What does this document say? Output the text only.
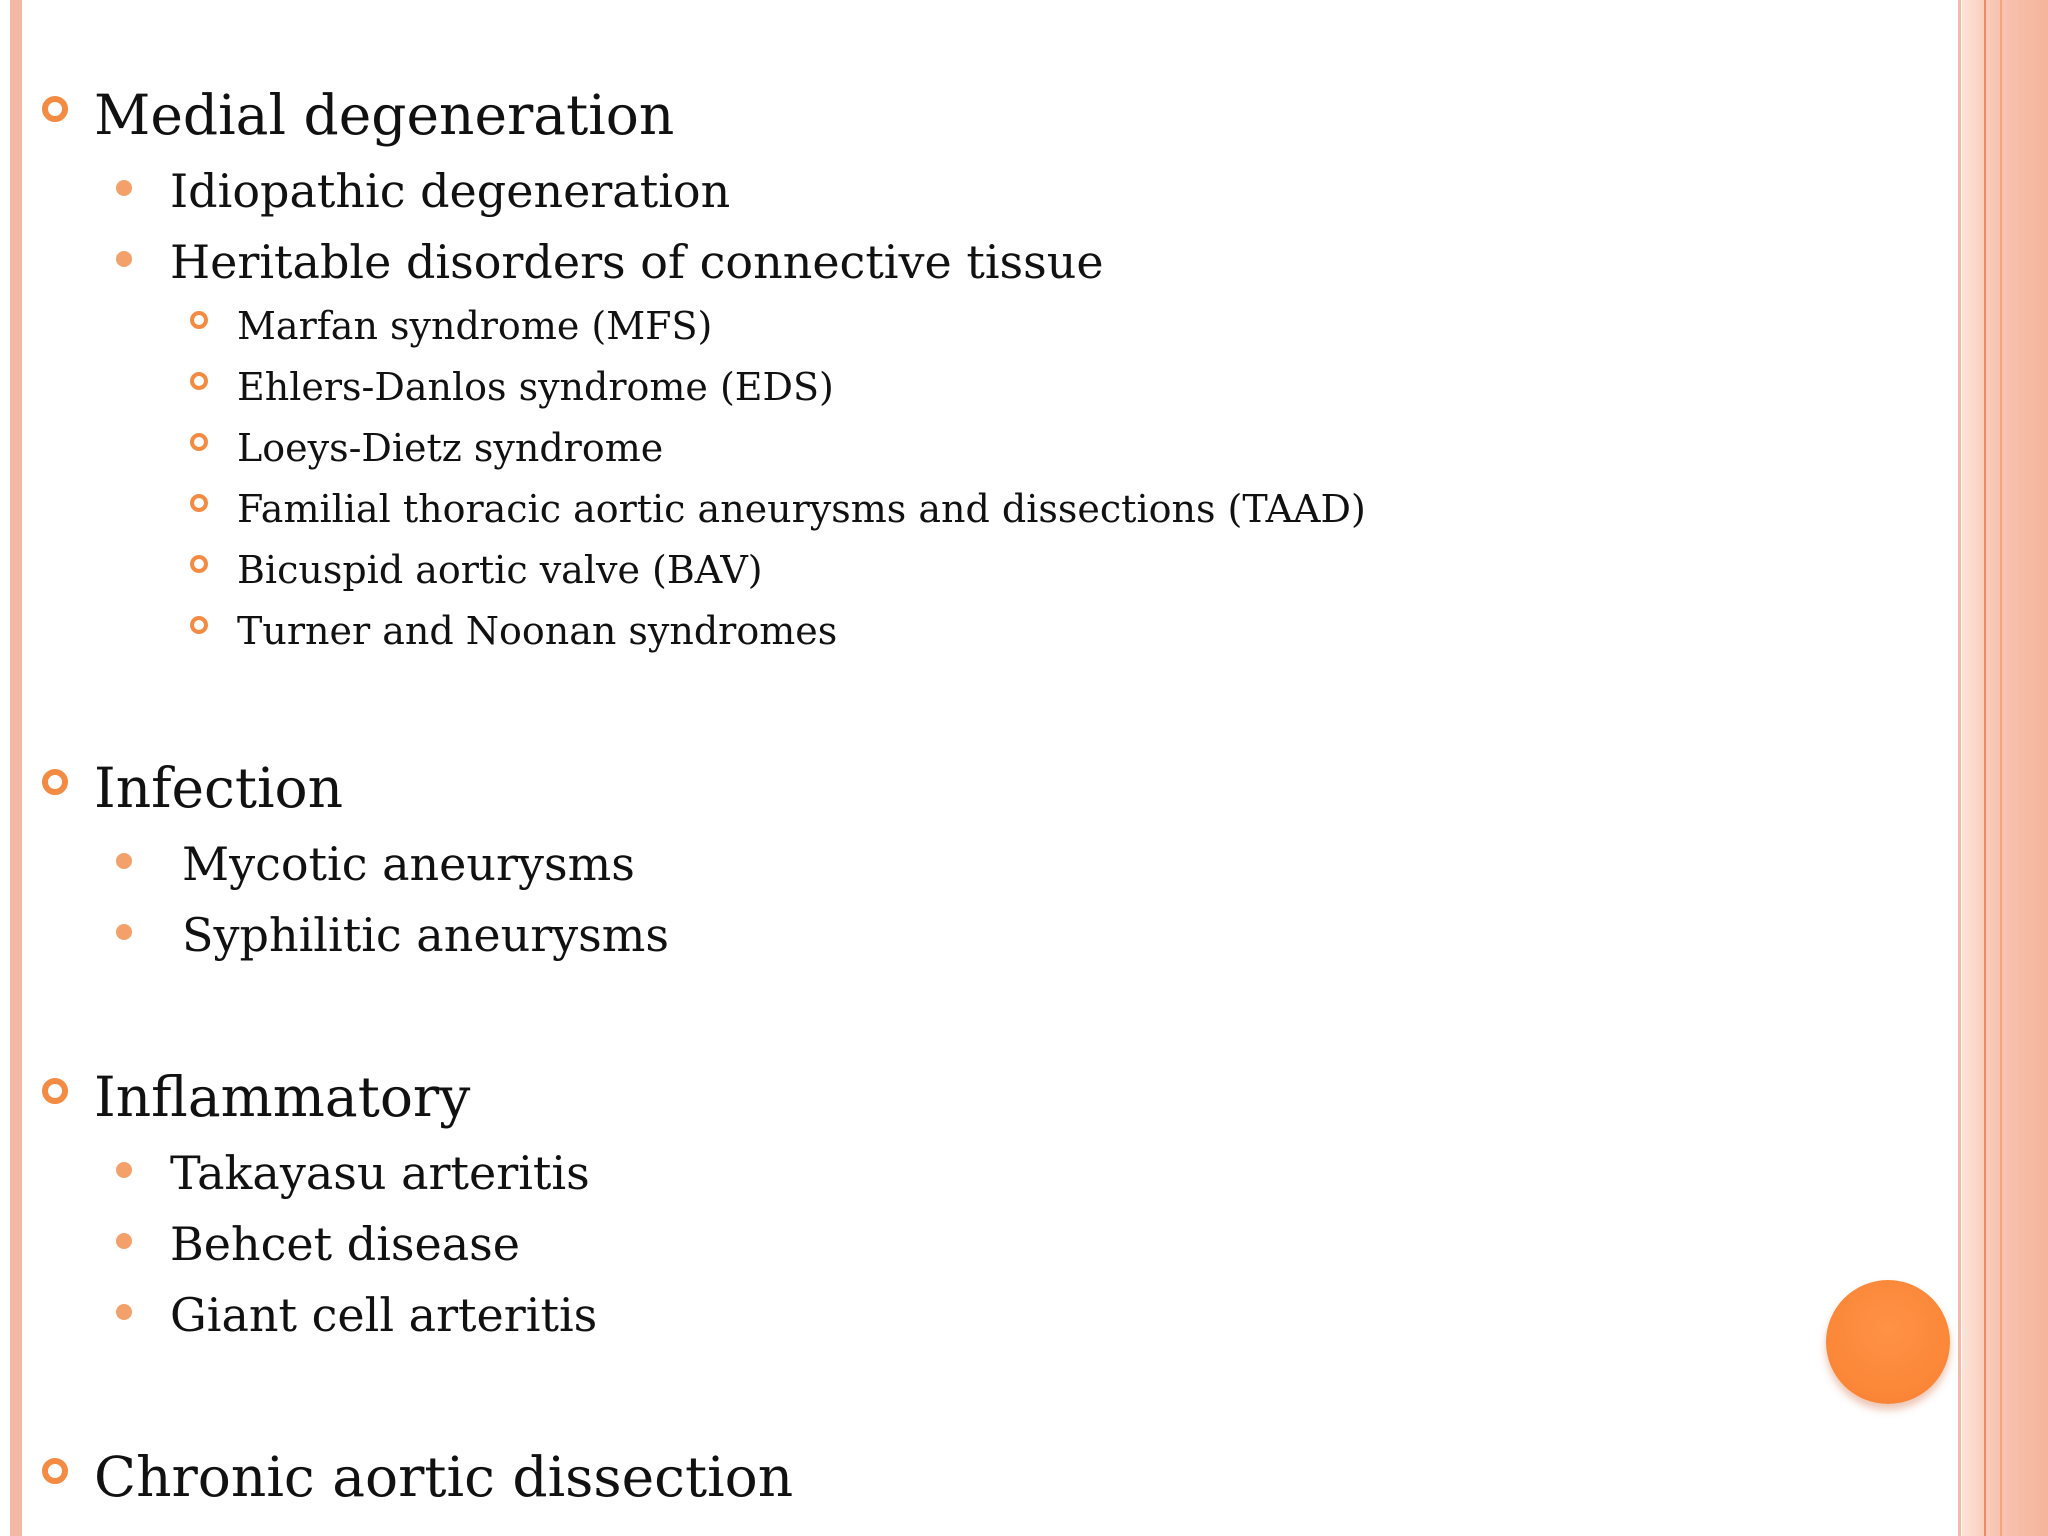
Medial degeneration
Idiopathic degeneration
Heritable disorders of connective tissue
Marfan syndrome (MFS)
Ehlers-Danlos syndrome (EDS)
Loeys-Dietz syndrome
Familial thoracic aortic aneurysms and dissections (TAAD)
Bicuspid aortic valve (BAV)
Turner and Noonan syndromes
Infection
Mycotic aneurysms
Syphilitic aneurysms
Inflammatory
Takayasu arteritis
Behcet disease
Giant cell arteritis
Chronic aortic dissection
